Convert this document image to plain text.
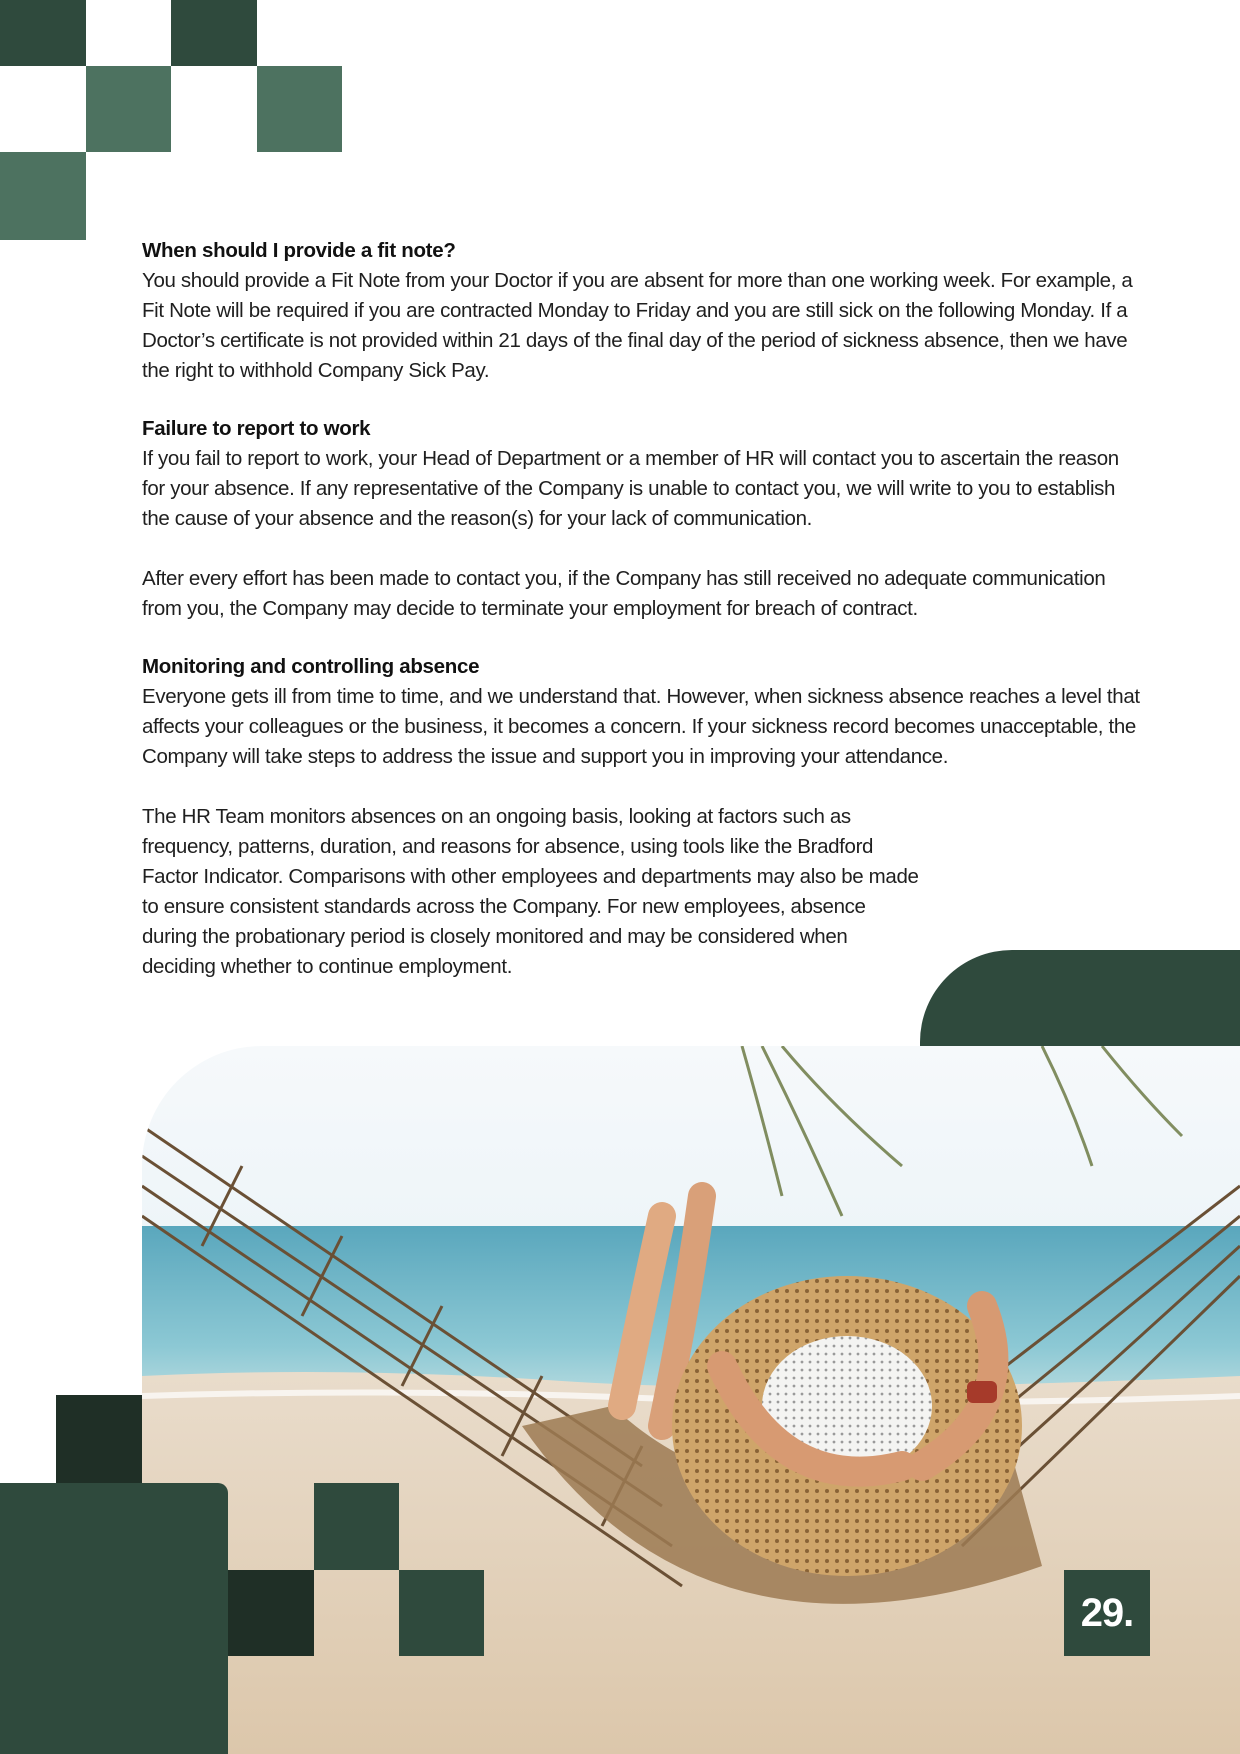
When should I provide a fit note?

You should provide a Fit Note from your Doctor if you are absent for more than one working week. For example, a Fit Note will be required if you are contracted Monday to Friday and you are still sick on the following Monday. If a Doctor’s certificate is not provided within 21 days of the final day of the period of sickness absence, then we have the right to withhold Company Sick Pay.

Failure to report to work

If you fail to report to work, your Head of Department or a member of HR will contact you to ascertain the reason for your absence. If any representative of the Company is unable to contact you, we will write to you to establish the cause of your absence and the reason(s) for your lack of communication.

After every effort has been made to contact you, if the Company has still received no adequate communication from you, the Company may decide to terminate your employment for breach of contract.

Monitoring and controlling absence

Everyone gets ill from time to time, and we understand that. However, when sickness absence reaches a level that affects your colleagues or the business, it becomes a concern. If your sickness record becomes unacceptable, the Company will take steps to address the issue and support you in improving your attendance.

The HR Team monitors absences on an ongoing basis, looking at factors such as frequency, patterns, duration, and reasons for absence, using tools like the Bradford Factor Indicator. Comparisons with other employees and departments may also be made to ensure consistent standards across the Company. For new employees, absence during the probationary period is closely monitored and may be considered when deciding whether to continue employment.

29.
